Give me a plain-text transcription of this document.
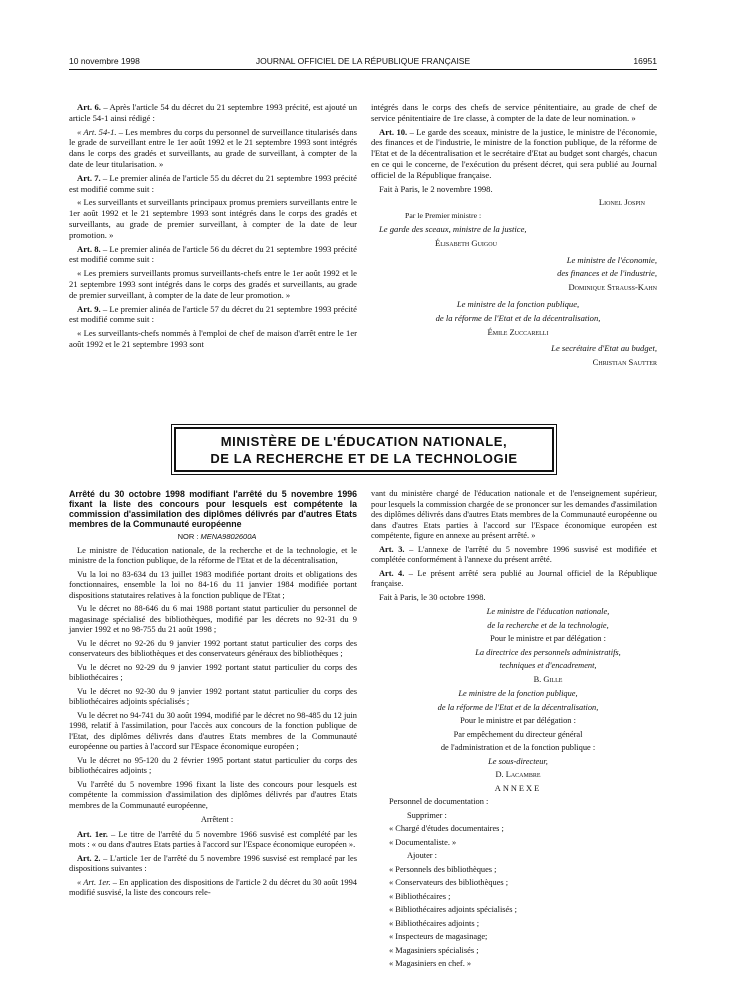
10 novembre 1998	JOURNAL OFFICIEL DE LA RÉPUBLIQUE FRANÇAISE	16951

Art. 6. – Après l'article 54 du décret du 21 septembre 1993 précité, est ajouté un article 54-1 ainsi rédigé :

« Art. 54-1. – Les membres du corps du personnel de surveillance titularisés dans le grade de surveillant entre le 1er août 1992 et le 21 septembre 1993 sont intégrés dans le corps des gradés et surveillants, au grade de surveillant, à compter de la date de leur titularisation. »

Art. 7. – Le premier alinéa de l'article 55 du décret du 21 septembre 1993 précité est modifié comme suit :

« Les surveillants et surveillants principaux promus premiers surveillants entre le 1er août 1992 et le 21 septembre 1993 sont intégrés dans le corps des gradés et surveillants, au grade de premier surveillant, à compter de la date de leur promotion. »

Art. 8. – Le premier alinéa de l'article 56 du décret du 21 septembre 1993 précité est modifié comme suit :

« Les premiers surveillants promus surveillants-chefs entre le 1er août 1992 et le 21 septembre 1993 sont intégrés dans le corps des gradés et surveillants, au grade de premier surveillant, à compter de la date de leur promotion. »

Art. 9. – Le premier alinéa de l'article 57 du décret du 21 septembre 1993 précité est modifié comme suit :

« Les surveillants-chefs nommés à l'emploi de chef de maison d'arrêt entre le 1er août 1992 et le 21 septembre 1993 sont

intégrés dans le corps des chefs de service pénitentiaire, au grade de chef de service pénitentiaire de 1re classe, à compter de la date de leur nomination. »

Art. 10. – Le garde des sceaux, ministre de la justice, le ministre de l'économie, des finances et de l'industrie, le ministre de la fonction publique, de la réforme de l'Etat et de la décentralisation et le secrétaire d'Etat au budget sont chargés, chacun en ce qui le concerne, de l'exécution du présent décret, qui sera publié au Journal officiel de la République française.

Fait à Paris, le 2 novembre 1998.

Lionel Jospin

Par le Premier ministre :

Le garde des sceaux, ministre de la justice,

Élisabeth Guigou

Le ministre de l'économie,

des finances et de l'industrie,

Dominique Strauss-Kahn

Le ministre de la fonction publique,

de la réforme de l'Etat et de la décentralisation,

Émile Zuccarelli

Le secrétaire d'Etat au budget,

Christian Sautter

MINISTÈRE DE L'ÉDUCATION NATIONALE,
DE LA RECHERCHE ET DE LA TECHNOLOGIE

Arrêté du 30 octobre 1998 modifiant l'arrêté du 5 novembre 1996 fixant la liste des concours pour lesquels est compétente la commission d'assimilation des diplômes délivrés par d'autres Etats membres de la Communauté européenne

NOR : MENA9802600A

Le ministre de l'éducation nationale, de la recherche et de la technologie, et le ministre de la fonction publique, de la réforme de l'Etat et de la décentralisation,

Vu la loi no 83-634 du 13 juillet 1983 modifiée portant droits et obligations des fonctionnaires, ensemble la loi no 84-16 du 11 janvier 1984 modifiée portant dispositions statutaires relatives à la fonction publique de l'Etat ;

Vu le décret no 88-646 du 6 mai 1988 portant statut particulier du personnel de magasinage spécialisé des bibliothèques, modifié par les décrets no 92-31 du 9 janvier 1992 et no 98-755 du 21 août 1998 ;

Vu le décret no 92-26 du 9 janvier 1992 portant statut particulier des corps des conservateurs des bibliothèques et des conservateurs généraux des bibliothèques ;

Vu le décret no 92-29 du 9 janvier 1992 portant statut particulier du corps des bibliothécaires ;

Vu le décret no 92-30 du 9 janvier 1992 portant statut particulier du corps des bibliothécaires adjoints spécialisés ;

Vu le décret no 94-741 du 30 août 1994, modifié par le décret no 98-485 du 12 juin 1998, relatif à l'assimilation, pour l'accès aux concours de la fonction publique de l'Etat, des diplômes délivrés dans d'autres Etats membres de la Communauté européenne ou parties à l'accord sur l'Espace économique européen ;

Vu le décret no 95-120 du 2 février 1995 portant statut particulier du corps des bibliothécaires adjoints ;

Vu l'arrêté du 5 novembre 1996 fixant la liste des concours pour lesquels est compétente la commission d'assimilation des diplômes délivrés par d'autres Etats membres de la Communauté européenne,

Arrêtent :

Art. 1er. – Le titre de l'arrêté du 5 novembre 1966 susvisé est complété par les mots : « ou dans d'autres Etats parties à l'accord sur l'Espace économique européen ».

Art. 2. – L'article 1er de l'arrêté du 5 novembre 1996 susvisé est remplacé par les dispositions suivantes :

« Art. 1er. – En application des dispositions de l'article 2 du décret du 30 août 1994 modifié susvisé, la liste des concours rele-

vant du ministère chargé de l'éducation nationale et de l'enseignement supérieur, pour lesquels la commission chargée de se prononcer sur les demandes d'assimilation des diplômes délivrés dans d'autres Etats membres de la Communauté européenne ou dans d'autres Etats parties à l'accord sur l'Espace économique européen est compétente, figure en annexe au présent arrêté. »

Art. 3. – L'annexe de l'arrêté du 5 novembre 1996 susvisé est modifiée et complétée conformément à l'annexe du présent arrêté.

Art. 4. – Le présent arrêté sera publié au Journal officiel de la République française.

Fait à Paris, le 30 octobre 1998.

Le ministre de l'éducation nationale,

de la recherche et de la technologie,

Pour le ministre et par délégation :

La directrice des personnels administratifs,

techniques et d'encadrement,

B. Gille

Le ministre de la fonction publique,

de la réforme de l'Etat et de la décentralisation,

Pour le ministre et par délégation :

Par empêchement du directeur général

de l'administration et de la fonction publique :

Le sous-directeur,

D. Lacambre

ANNEXE

Personnel de documentation :

Supprimer :

« Chargé d'études documentaires ;

« Documentaliste. »

Ajouter :

« Personnels des bibliothèques ;

« Conservateurs des bibliothèques ;

« Bibliothécaires ;

« Bibliothécaires adjoints spécialisés ;

« Bibliothécaires adjoints ;

« Inspecteurs de magasinage;

« Magasiniers spécialisés ;

« Magasiniers en chef. »
